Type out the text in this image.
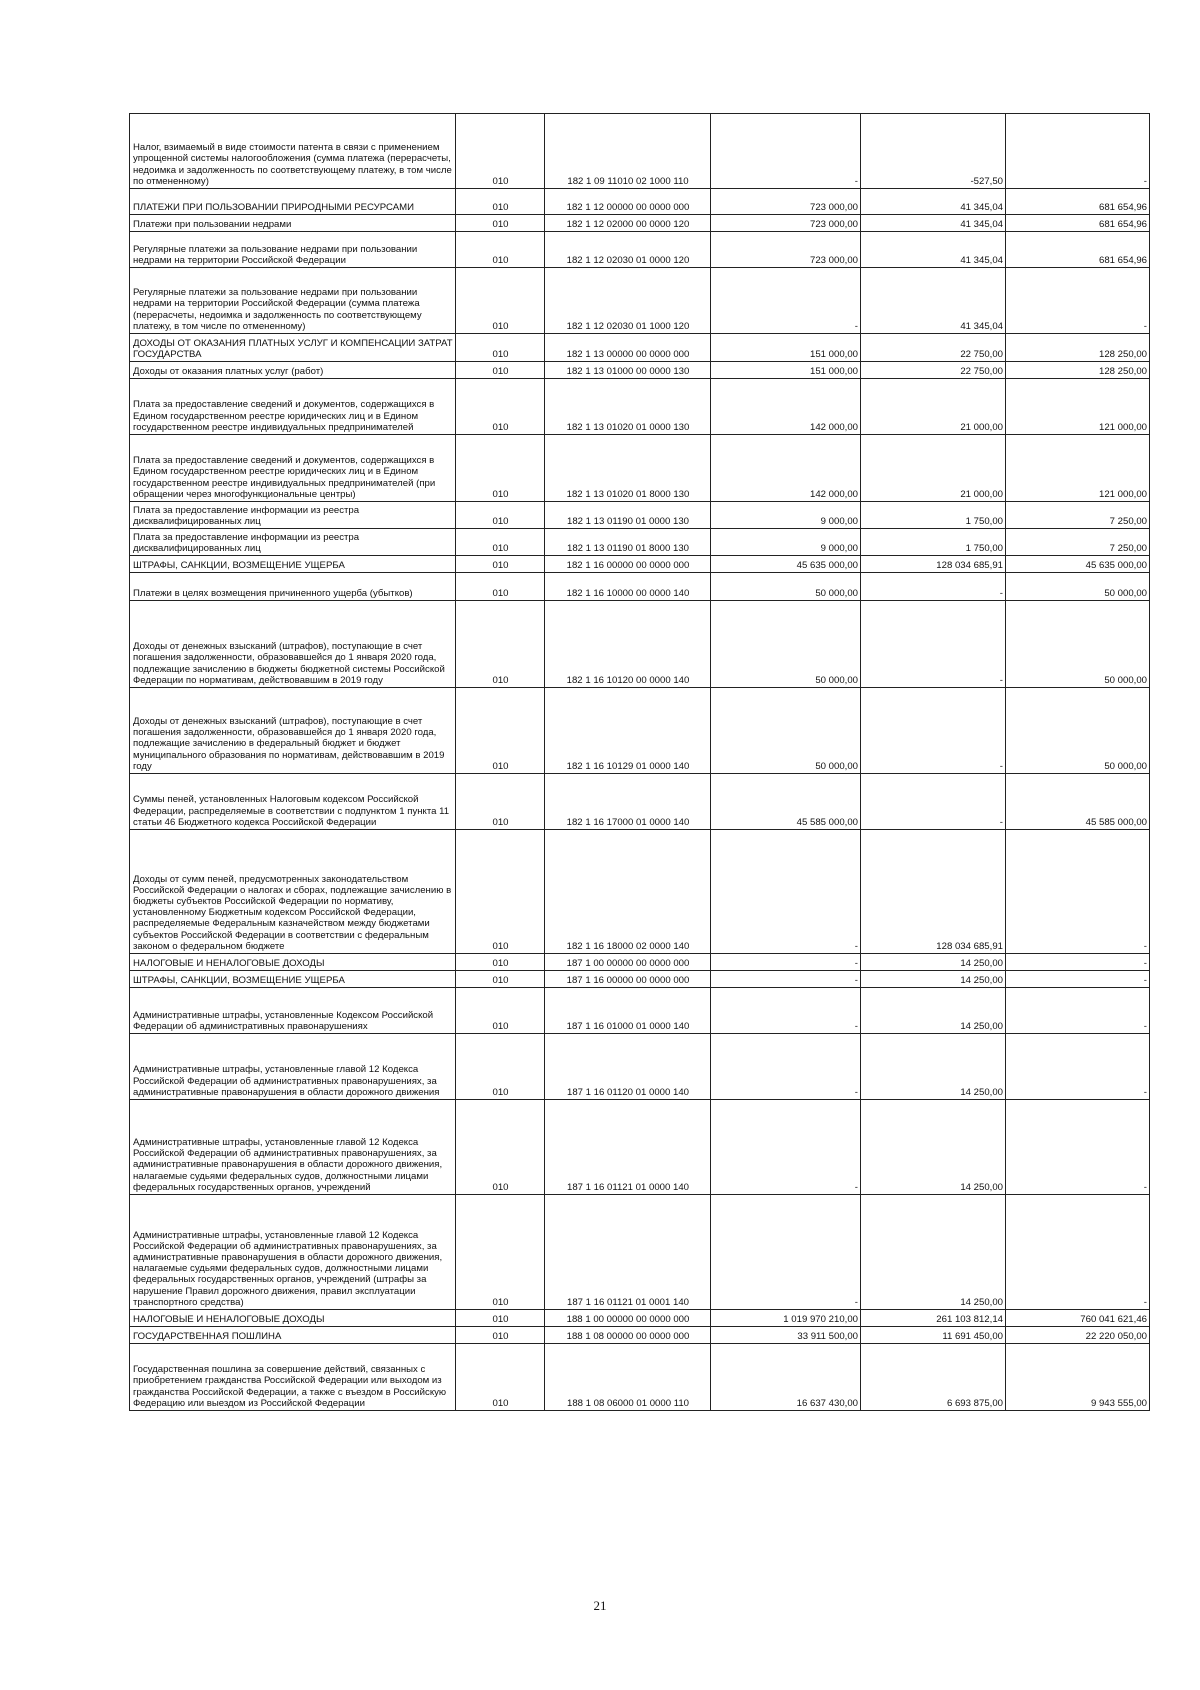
Налог, взимаемый в виде стоимости патента в связи с применением упрощенной системы налогообложения (сумма платежа (перерасчеты, недоимка и задолженность по соответствующему платежу, в том числе по отмененному)	010	182 1 09 11010 02 1000 110	-	-527,50	-
ПЛАТЕЖИ ПРИ ПОЛЬЗОВАНИИ ПРИРОДНЫМИ РЕСУРСАМИ	010	182 1 12 00000 00 0000 000	723 000,00	41 345,04	681 654,96
Платежи при пользовании недрами	010	182 1 12 02000 00 0000 120	723 000,00	41 345,04	681 654,96
Регулярные платежи за пользование недрами при пользовании недрами на территории Российской Федерации	010	182 1 12 02030 01 0000 120	723 000,00	41 345,04	681 654,96
Регулярные платежи за пользование недрами при пользовании недрами на территории Российской Федерации (сумма платежа (перерасчеты, недоимка и задолженность по соответствующему платежу, в том числе по отмененному)	010	182 1 12 02030 01 1000 120	-	41 345,04	-
ДОХОДЫ ОТ ОКАЗАНИЯ ПЛАТНЫХ УСЛУГ И КОМПЕНСАЦИИ ЗАТРАТ ГОСУДАРСТВА	010	182 1 13 00000 00 0000 000	151 000,00	22 750,00	128 250,00
Доходы от оказания платных услуг (работ)	010	182 1 13 01000 00 0000 130	151 000,00	22 750,00	128 250,00
Плата за предоставление сведений и документов, содержащихся в Едином государственном реестре юридических лиц и в Едином государственном реестре индивидуальных предпринимателей	010	182 1 13 01020 01 0000 130	142 000,00	21 000,00	121 000,00
Плата за предоставление сведений и документов, содержащихся в Едином государственном реестре юридических лиц и в Едином государственном реестре индивидуальных предпринимателей (при обращении через многофункциональные центры)	010	182 1 13 01020 01 8000 130	142 000,00	21 000,00	121 000,00
Плата за предоставление информации из реестра дисквалифицированных лиц	010	182 1 13 01190 01 0000 130	9 000,00	1 750,00	7 250,00
Плата за предоставление информации из реестра дисквалифицированных лиц	010	182 1 13 01190 01 8000 130	9 000,00	1 750,00	7 250,00
ШТРАФЫ, САНКЦИИ, ВОЗМЕЩЕНИЕ УЩЕРБА	010	182 1 16 00000 00 0000 000	45 635 000,00	128 034 685,91	45 635 000,00
Платежи в целях возмещения причиненного ущерба (убытков)	010	182 1 16 10000 00 0000 140	50 000,00	-	50 000,00
Доходы от денежных взысканий (штрафов), поступающие в счет погашения задолженности, образовавшейся до 1 января 2020 года, подлежащие зачислению в бюджеты бюджетной системы Российской Федерации по нормативам, действовавшим в 2019 году	010	182 1 16 10120 00 0000 140	50 000,00	-	50 000,00
Доходы от денежных взысканий (штрафов), поступающие в счет погашения задолженности, образовавшейся до 1 января 2020 года, подлежащие зачислению в федеральный бюджет и бюджет муниципального образования по нормативам, действовавшим в 2019 году	010	182 1 16 10129 01 0000 140	50 000,00	-	50 000,00
Суммы пеней, установленных Налоговым кодексом Российской Федерации, распределяемые в соответствии с подпунктом 1 пункта 11 статьи 46 Бюджетного кодекса Российской Федерации	010	182 1 16 17000 01 0000 140	45 585 000,00	-	45 585 000,00
Доходы от сумм пеней, предусмотренных законодательством Российской Федерации о налогах и сборах, подлежащие зачислению в бюджеты субъектов Российской Федерации по нормативу, установленному Бюджетным кодексом Российской Федерации, распределяемые Федеральным казначейством между бюджетами субъектов Российской Федерации в соответствии с федеральным законом о федеральном бюджете	010	182 1 16 18000 02 0000 140	-	128 034 685,91	-
НАЛОГОВЫЕ И НЕНАЛОГОВЫЕ ДОХОДЫ	010	187 1 00 00000 00 0000 000	-	14 250,00	-
ШТРАФЫ, САНКЦИИ, ВОЗМЕЩЕНИЕ УЩЕРБА	010	187 1 16 00000 00 0000 000	-	14 250,00	-
Административные штрафы, установленные Кодексом Российской Федерации об административных правонарушениях	010	187 1 16 01000 01 0000 140	-	14 250,00	-
Административные штрафы, установленные главой 12 Кодекса Российской Федерации об административных правонарушениях, за административные правонарушения в области дорожного движения	010	187 1 16 01120 01 0000 140	-	14 250,00	-
Административные штрафы, установленные главой 12 Кодекса Российской Федерации об административных правонарушениях, за административные правонарушения в области дорожного движения, налагаемые судьями федеральных судов, должностными лицами федеральных государственных органов, учреждений	010	187 1 16 01121 01 0000 140	-	14 250,00	-
Административные штрафы, установленные главой 12 Кодекса Российской Федерации об административных правонарушениях, за административные правонарушения в области дорожного движения, налагаемые судьями федеральных судов, должностными лицами федеральных государственных органов, учреждений (штрафы за нарушение Правил дорожного движения, правил эксплуатации транспортного средства)	010	187 1 16 01121 01 0001 140	-	14 250,00	-
НАЛОГОВЫЕ И НЕНАЛОГОВЫЕ ДОХОДЫ	010	188 1 00 00000 00 0000 000	1 019 970 210,00	261 103 812,14	760 041 621,46
ГОСУДАРСТВЕННАЯ ПОШЛИНА	010	188 1 08 00000 00 0000 000	33 911 500,00	11 691 450,00	22 220 050,00
Государственная пошлина за совершение действий, связанных с приобретением гражданства Российской Федерации или выходом из гражданства Российской Федерации, а также с въездом в Российскую Федерацию или выездом из Российской Федерации	010	188 1 08 06000 01 0000 110	16 637 430,00	6 693 875,00	9 943 555,00
21
